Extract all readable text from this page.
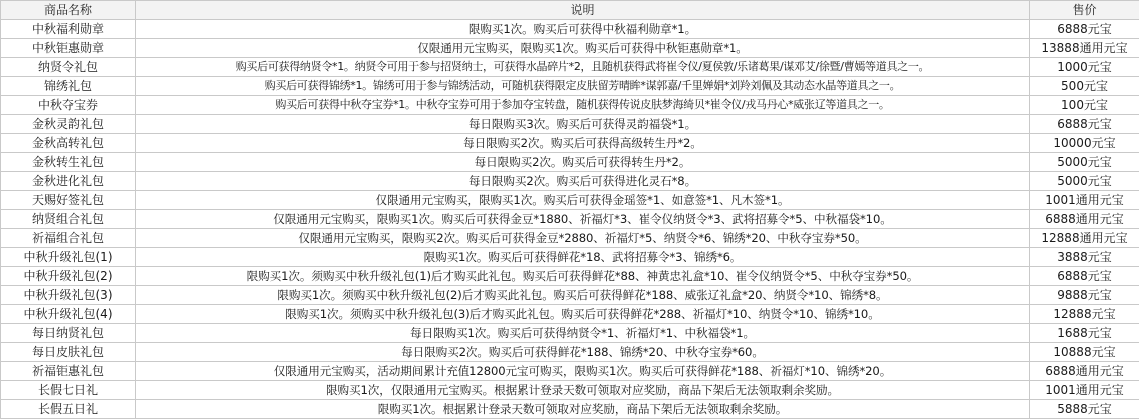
商品名称	说明	售价
中秋福利勋章	限购买1次。购买后可获得中秋福利勋章*1。	6888元宝
中秋钜惠勋章	仅限通用元宝购买，限购买1次。购买后可获得中秋钜惠勋章*1。	13888通用元宝
纳贤令礼包	购买后可获得纳贤令*1。纳贤令可用于参与招贤纳士，可获得水晶碎片*2，且随机获得武将崔令仪/夏侯敦/乐诸葛果/谋邓艾/徐暨/曹嫣等道具之一。	1000元宝
锦绣礼包	购买后可获得锦绣*1。锦绣可用于参与锦绣活动，可随机获得限定皮肤留芳晴眸*谋郭嘉/千里婵娟*刘羚刘佩及其动态水晶等道具之一。	500元宝
中秋夺宝券	购买后可获得中秋夺宝券*1。中秋夺宝券可用于参加夺宝转盘，随机获得传说皮肤梦海绮贝*崔令仪/戎马丹心*威张辽等道具之一。	100元宝
金秋灵韵礼包	每日限购买3次。购买后可获得灵韵福袋*1。	6888元宝
金秋高转礼包	每日限购买2次。购买后可获得高级转生丹*2。	10000元宝
金秋转生礼包	每日限购买2次。购买后可获得转生丹*2。	5000元宝
金秋进化礼包	每日限购买2次。购买后可获得进化灵石*8。	5000元宝
天赐好签礼包	仅限通用元宝购买，限购买1次。购买后可获得金瑶签*1、如意签*1、凡木签*1。	1001通用元宝
纳贤组合礼包	仅限通用元宝购买，限购买1次。购买后可获得金豆*1880、祈福灯*3、崔令仪纳贤令*3、武将招募令*5、中秋福袋*10。	6888通用元宝
祈福组合礼包	仅限通用元宝购买，限购买2次。购买后可获得金豆*2880、祈福灯*5、纳贤令*6、锦绣*20、中秋夺宝券*50。	12888通用元宝
中秋升级礼包(1)	限购买1次。购买后可获得鲜花*18、武将招募令*3、锦绣*6。	3888元宝
中秋升级礼包(2)	限购买1次。须购买中秋升级礼包(1)后才购买此礼包。购买后可获得鲜花*88、神黄忠礼盒*10、崔令仪纳贤令*5、中秋夺宝券*50。	6888元宝
中秋升级礼包(3)	限购买1次。须购买中秋升级礼包(2)后才购买此礼包。购买后可获得鲜花*188、威张辽礼盒*20、纳贤令*10、锦绣*8。	9888元宝
中秋升级礼包(4)	限购买1次。须购买中秋升级礼包(3)后才购买此礼包。购买后可获得鲜花*288、祈福灯*10、纳贤令*10、锦绣*10。	12888元宝
每日纳贤礼包	每日限购买1次。购买后可获得纳贤令*1、祈福灯*1、中秋福袋*1。	1688元宝
每日皮肤礼包	每日限购买2次。购买后可获得鲜花*188、锦绣*20、中秋夺宝券*60。	10888元宝
祈福钜惠礼包	仅限通用元宝购买，活动期间累计充值12800元宝可购买，限购买1次。购买后可获得鲜花*188、祈福灯*10、锦绣*20。	6888通用元宝
长假七日礼	限购买1次，仅限通用元宝购买。根据累计登录天数可领取对应奖励，商品下架后无法领取剩余奖励。	1001通用元宝
长假五日礼	限购买1次。根据累计登录天数可领取对应奖励，商品下架后无法领取剩余奖励。	5888元宝
